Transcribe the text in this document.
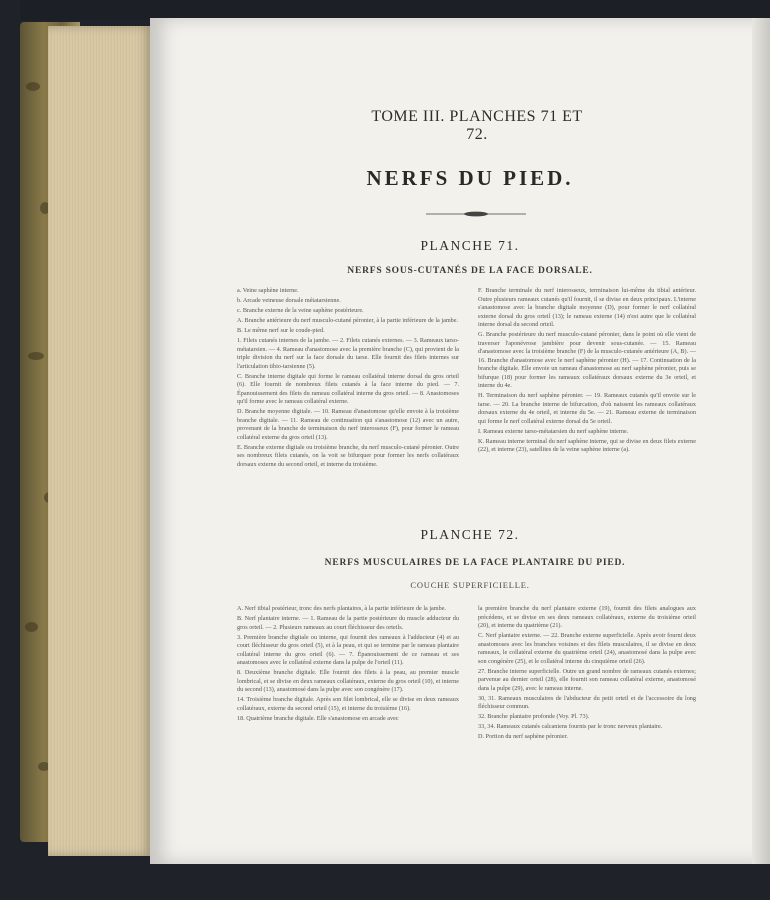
TOME III. PLANCHES 71 ET 72.
NERFS DU PIED.
PLANCHE 71.
NERFS SOUS-CUTANÉS DE LA FACE DORSALE.

a. Veine saphène interne.

b. Arcade veineuse dorsale métatarsienne.

c. Branche externe de la veine saphène postérieure.

A. Branche antérieure du nerf musculo-cutané péronier, à la partie inférieure de la jambe.

B. Le même nerf sur le coude-pied.

1. Filets cutanés internes de la jambe. — 2. Filets cutanés externes. — 3. Rameaux tarso-métatarsien. — 4. Rameau d'anastomose avec la première branche (C), qui provient de la triple division du nerf sur la face dorsale du tarse. Elle fournit des filets internes sur l'articulation tibio-tarsienne (5).

C. Branche interne digitale qui forme le rameau collatéral interne dorsal du gros orteil (6). Elle fournit de nombreux filets cutanés à la face interne du pied. — 7. Épanouissement des filets du rameau collatéral interne du gros orteil. — 8. Anastomoses qu'il forme avec le rameau collatéral externe.

D. Branche moyenne digitale. — 10. Rameau d'anastomose qu'elle envoie à la troisième branche digitale. — 11. Rameau de continuation qui s'anastomose (12) avec un autre, provenant de la branche de terminaison du nerf interosseux (F), pour former le rameau collatéral externe du gros orteil (13).

E. Branche externe digitale ou troisième branche, du nerf musculo-cutané péronier. Outre ses nombreux filets cutanés, on la voit se bifurquer pour former les nerfs collatéraux dorsaux externe du second orteil, et interne du troisième.

F. Branche terminale du nerf interosseux, terminaison lui-même du tibial antérieur. Outre plusieurs rameaux cutanés qu'il fournit, il se divise en deux principaux. L'interne s'anastomose avec la branche digitale moyenne (D), pour former le nerf collatéral externe dorsal du gros orteil (13); le rameau externe (14) n'est autre que le collatéral interne dorsal du second orteil.

G. Branche postérieure du nerf musculo-cutané péronier, dans le point où elle vient de traverser l'aponévrose jambière pour devenir sous-cutanée. — 15. Rameau d'anastomose avec la troisième branche (F) de la musculo-cutanée antérieure (A, B). — 16. Branche d'anastomose avec le nerf saphène péronier (H). — 17. Continuation de la branche digitale. Elle envoie un rameau d'anastomose au nerf saphène péronier, puis se bifurque (18) pour former les rameaux collatéraux dorsaux externe du 3e orteil, et interne du 4e.

H. Terminaison du nerf saphène péronier. — 19. Rameaux cutanés qu'il envoie sur le tarse. — 20. La branche interne de bifurcation, d'où naissent les rameaux collatéraux dorsaux externe du 4e orteil, et interne du 5e. — 21. Rameau externe de terminaison qui forme le nerf collatéral externe dorsal du 5e orteil.

I. Rameau externe tarso-métatarsien du nerf saphène interne.

K. Rameau interne terminal du nerf saphène interne, qui se divise en deux filets externe (22), et interne (23), satellites de la veine saphène interne (a).

PLANCHE 72.
NERFS MUSCULAIRES DE LA FACE PLANTAIRE DU PIED.
COUCHE SUPERFICIELLE.

A. Nerf tibial postérieur, tronc des nerfs plantaires, à la partie inférieure de la jambe.

B. Nerf plantaire interne. — 1. Rameau de la partie postérieure du muscle adducteur du gros orteil. — 2. Plusieurs rameaux au court fléchisseur des orteils.

3. Première branche digitale ou interne, qui fournit des rameaux à l'adducteur (4) et au court fléchisseur du gros orteil (5), et à la peau, et qui se termine par le rameau plantaire collatéral interne du gros orteil (6). — 7. Épanouissement de ce rameau et ses anastomoses avec le collatéral externe dans la pulpe de l'orteil (11).

8. Deuxième branche digitale. Elle fournit des filets à la peau, au premier muscle lombrical, et se divise en deux rameaux collatéraux, externe du gros orteil (10), et interne du second (13), anastomosé dans la pulpe avec son congénère (17).

14. Troisième branche digitale. Après son filet lombrical, elle se divise en deux rameaux collatéraux, externe du second orteil (15), et interne du troisième (16).

18. Quatrième branche digitale. Elle s'anastomose en arcade avec

la première branche du nerf plantaire externe (19), fournit des filets analogues aux précédens, et se divise en ses deux rameaux collatéraux, externe du troisième orteil (20), et interne du quatrième (21).

C. Nerf plantaire externe. — 22. Branche externe superficielle. Après avoir fourni deux anastomoses avec les branches voisines et des filets musculaires, il se divise en deux rameaux, le collatéral externe du quatrième orteil (24), anastomosé dans la pulpe avec son congénère (25), et le collatéral interne du cinquième orteil (26).

27. Branche interne superficielle. Outre un grand nombre de rameaux cutanés externes; parvenue au dernier orteil (28), elle fournit son rameau collatéral externe, anastomosé dans la pulpe (29), avec le rameau interne.

30, 31. Rameaux musculaires de l'abducteur du petit orteil et de l'accessoire du long fléchisseur commun.

32. Branche plantaire profonde (Voy. Pl. 73).

33, 34. Rameaux cutanés calcaniens fournis par le tronc nerveux plantaire.

D. Portion du nerf saphène péronier.
